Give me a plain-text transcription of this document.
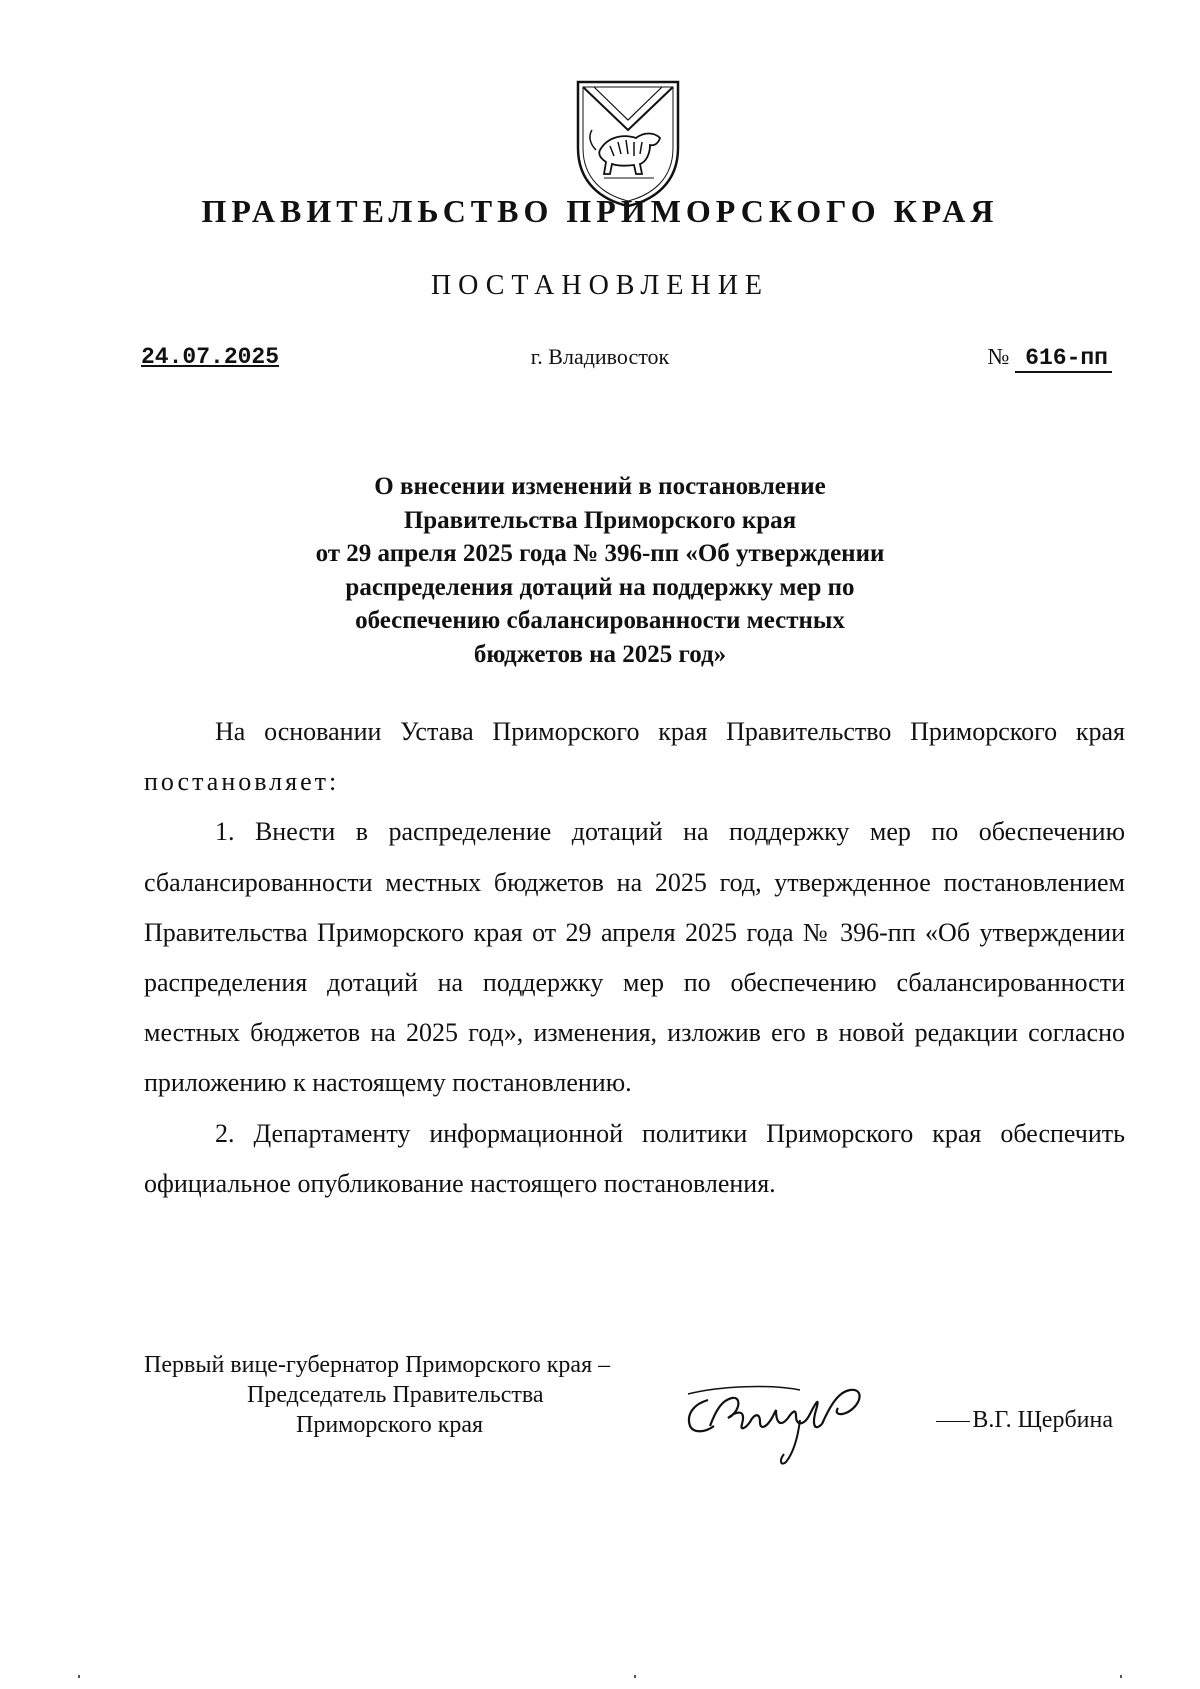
ПРАВИТЕЛЬСТВО ПРИМОРСКОГО КРАЯ
ПОСТАНОВЛЕНИЕ
24.07.2025	г. Владивосток	№ 616-пп
О внесении изменений в постановление
Правительства Приморского края
от 29 апреля 2025 года № 396-пп «Об утверждении
распределения дотаций на поддержку мер по
обеспечению сбалансированности местных
бюджетов на 2025 год»

На основании Устава Приморского края Правительство Приморского края постановляет:

1. Внести в распределение дотаций на поддержку мер по обеспечению сбалансированности местных бюджетов на 2025 год, утвержденное постановлением Правительства Приморского края от 29 апреля 2025 года № 396-пп «Об утверждении распределения дотаций на поддержку мер по обеспечению сбалансированности местных бюджетов на 2025 год», изменения, изложив его в новой редакции согласно приложению к настоящему постановлению.

2. Департаменту информационной политики Приморского края обеспечить официальное опубликование настоящего постановления.

Первый вице-губернатор Приморского края –
Председатель Правительства
Приморского края	В.Г. Щербина
